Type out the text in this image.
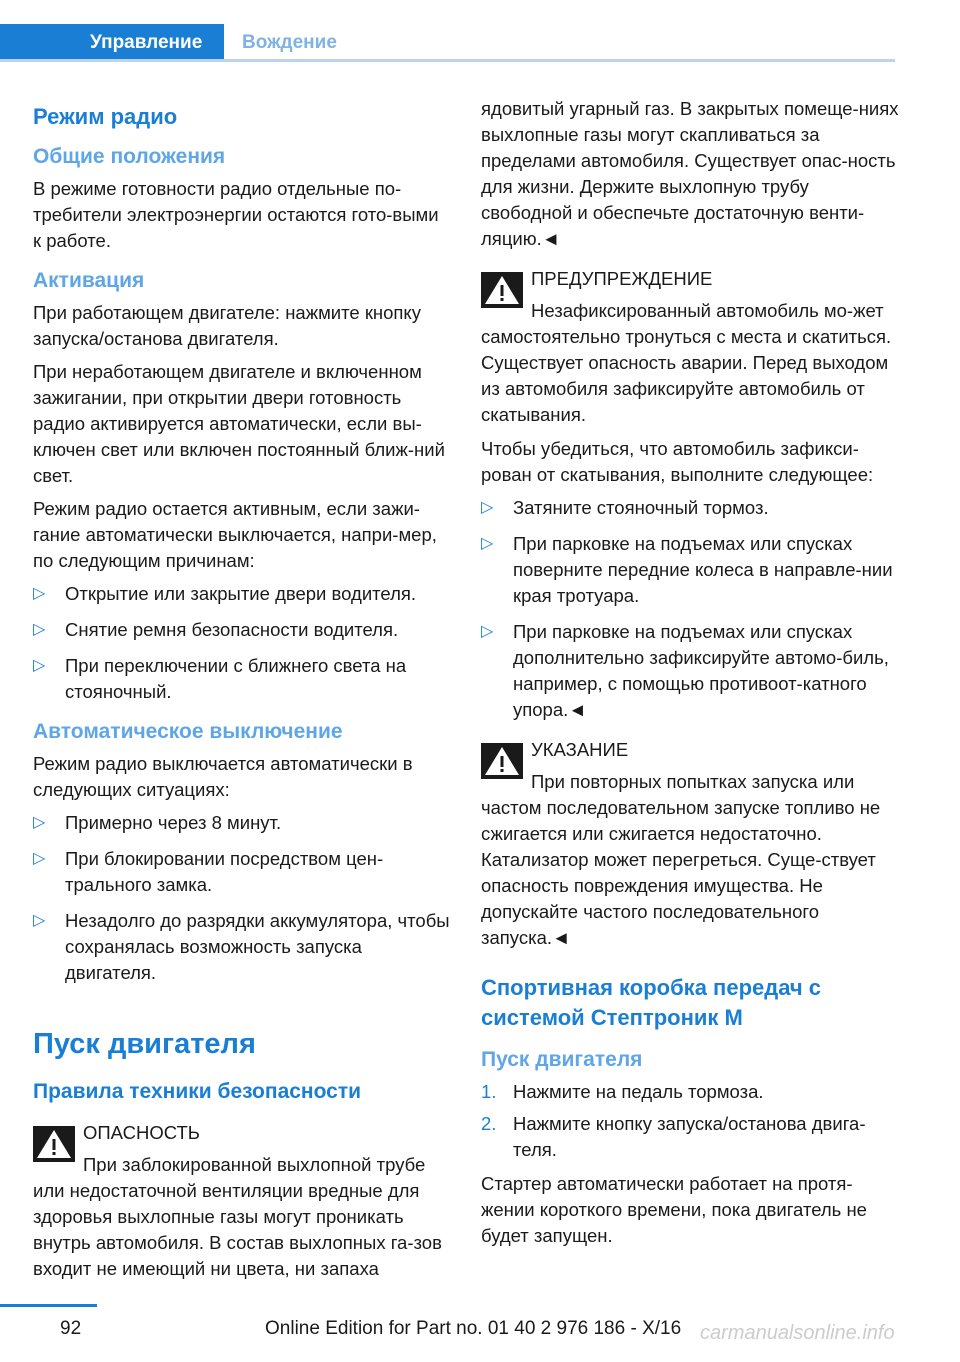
Управление	Вождение
Режим радио
Общие положения

В режиме готовности радио отдельные по-требители электроэнергии остаются гото-выми к работе.

Активация

При работающем двигателе: нажмите кнопку запуска/останова двигателя.

При неработающем двигателе и включенном зажигании, при открытии двери готовность радио активируется автоматически, если вы-ключен свет или включен постоянный ближ-ний свет.

Режим радио остается активным, если зажи-гание автоматически выключается, напри-мер, по следующим причинам:

▷ Открытие или закрытие двери водителя.
▷ Снятие ремня безопасности водителя.
▷ При переключении с ближнего света на стояночный.
Автоматическое выключение

Режим радио выключается автоматически в следующих ситуациях:

▷ Примерно через 8 минут.
▷ При блокировании посредством цен-трального замка.
▷ Незадолго до разрядки аккумулятора, чтобы сохранялась возможность запуска двигателя.
Пуск двигателя
Правила техники безопасности
ОПАСНОСТЬ
При заблокированной выхлопной трубе или недостаточной вентиляции вредные для здоровья выхлопные газы могут проникать внутрь автомобиля. В состав выхлопных га-зов входит не имеющий ни цвета, ни запаха

ядовитый угарный газ. В закрытых помеще-ниях выхлопные газы могут скапливаться за пределами автомобиля. Существует опас-ность для жизни. Держите выхлопную трубу свободной и обеспечьте достаточную венти-ляцию.◄

ПРЕДУПРЕЖДЕНИЕ
Незафиксированный автомобиль мо-жет самостоятельно тронуться с места и скатиться. Существует опасность аварии. Перед выходом из автомобиля зафиксируйте автомобиль от скатывания.

Чтобы убедиться, что автомобиль зафикси-рован от скатывания, выполните следующее:

▷ Затяните стояночный тормоз.
▷ При парковке на подъемах или спусках поверните передние колеса в направле-нии края тротуара.
▷ При парковке на подъемах или спусках дополнительно зафиксируйте автомо-биль, например, с помощью противоот-катного упора.◄
УКАЗАНИЕ
При повторных попытках запуска или частом последовательном запуске топливо не сжигается или сжигается недостаточно. Катализатор может перегреться. Суще-ствует опасность повреждения имущества. Не допускайте частого последовательного запуска.◄
Спортивная коробка передач с системой Стептроник M
Пуск двигателя
1. Нажмите на педаль тормоза.
2. Нажмите кнопку запуска/останова двига-теля.

Стартер автоматически работает на протя-жении короткого времени, пока двигатель не будет запущен.

92	Online Edition for Part no. 01 40 2 976 186 - X/16 carmanualsonline.info
